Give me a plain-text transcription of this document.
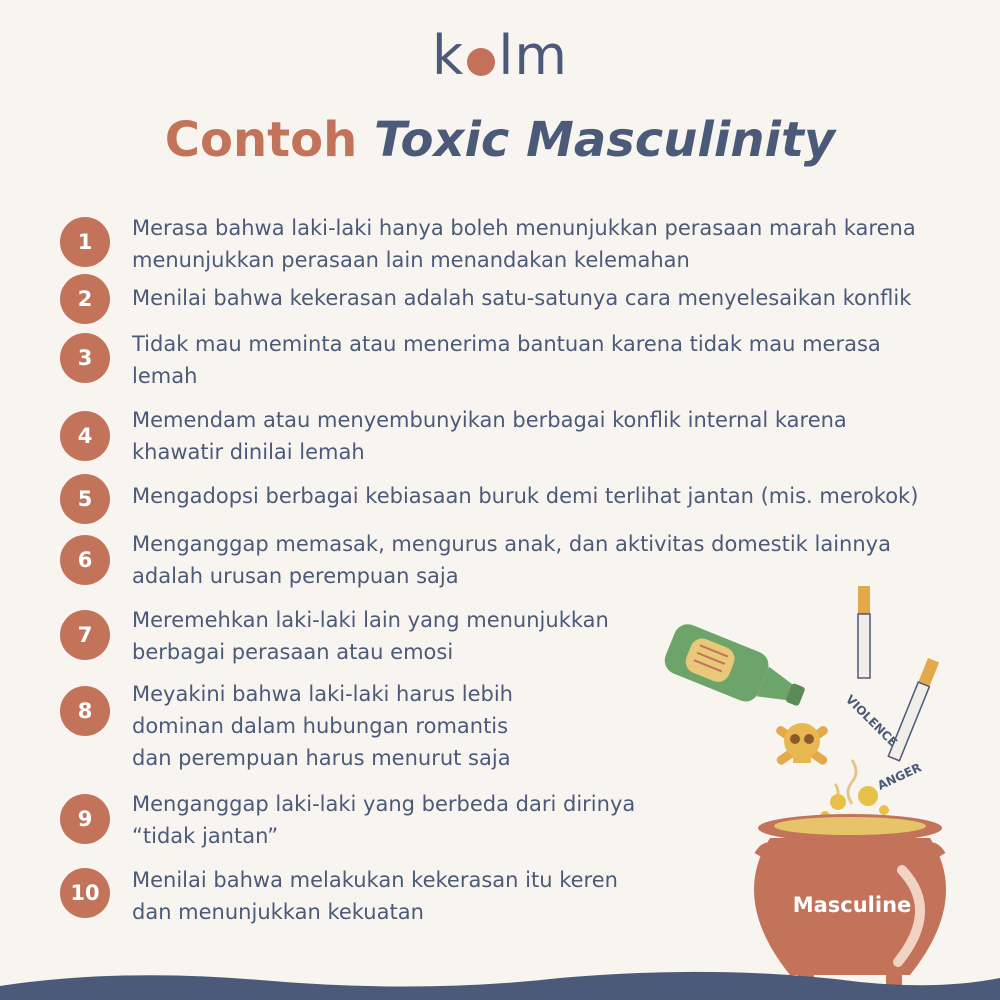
k lm
Contoh Toxic Masculinity
1
Merasa bahwa laki-laki hanya boleh menunjukkan perasaan marah karena
menunjukkan perasaan lain menandakan kelemahan
2	Menilai bahwa kekerasan adalah satu-satunya cara menyelesaikan konflik
3
Tidak mau meminta atau menerima bantuan karena tidak mau merasa
lemah
4
Memendam atau menyembunyikan berbagai konflik internal karena
khawatir dinilai lemah
5	Mengadopsi berbagai kebiasaan buruk demi terlihat jantan (mis. merokok)
6
Menganggap memasak, mengurus anak, dan aktivitas domestik lainnya
adalah urusan perempuan saja
7
Meremehkan laki-laki lain yang menunjukkan
berbagai perasaan atau emosi
8
Meyakini bahwa laki-laki harus lebih
dominan dalam hubungan romantis
dan perempuan harus menurut saja
9
Menganggap laki-laki yang berbeda dari dirinya
“tidak jantan”
10
Menilai bahwa melakukan kekerasan itu keren
dan menunjukkan kekuatan
VIOLENCE
ANGER
Masculine
